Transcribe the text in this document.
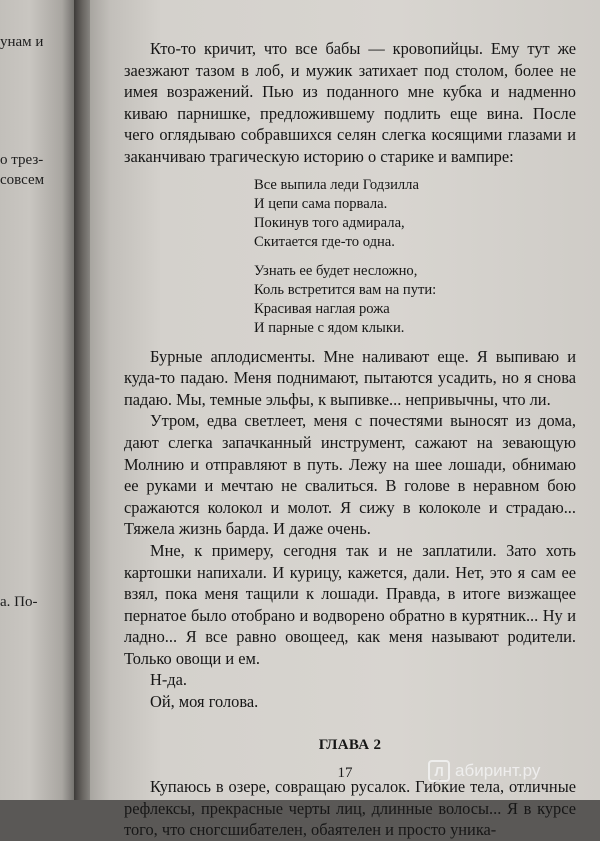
унам и
о трез-
совсем
а. По-

Кто-то кричит, что все бабы — кровопийцы. Ему тут же заезжают тазом в лоб, и мужик затихает под столом, более не имея возражений. Пью из поданного мне кубка и надменно киваю парнишке, предложившему подлить еще вина. После чего оглядываю собравшихся селян слегка косящими глазами и заканчиваю трагическую историю о старике и вампире:

Все выпила леди Годзилла
И цепи сама порвала.
Покинув того адмирала,
Скитается где-то одна.
Узнать ее будет несложно,
Коль встретится вам на пути:
Красивая наглая рожа
И парные с ядом клыки.

Бурные аплодисменты. Мне наливают еще. Я выпиваю и куда-то падаю. Меня поднимают, пытаются усадить, но я снова падаю. Мы, темные эльфы, к выпивке... непривычны, что ли.

Утром, едва светлеет, меня с почестями выносят из дома, дают слегка запачканный инструмент, сажают на зевающую Молнию и отправляют в путь. Лежу на шее лошади, обнимаю ее руками и мечтаю не свалиться. В голове в неравном бою сражаются колокол и молот. Я сижу в колоколе и страдаю... Тяжела жизнь барда. И даже очень.

Мне, к примеру, сегодня так и не заплатили. Зато хоть картошки напихали. И курицу, кажется, дали. Нет, это я сам ее взял, пока меня тащили к лошади. Правда, в итоге визжащее пернатое было отобрано и водворено обратно в курятник... Ну и ладно... Я все равно овощеед, как меня называют родители. Только овощи и ем.

Н-да.

Ой, моя голова.

ГЛАВА 2

Купаюсь в озере, совращаю русалок. Гибкие тела, отличные рефлексы, прекрасные черты лиц, длинные волосы... Я в курсе того, что сногсшибателен, обаятелен и просто уника-

17	Л абиринт.ру
